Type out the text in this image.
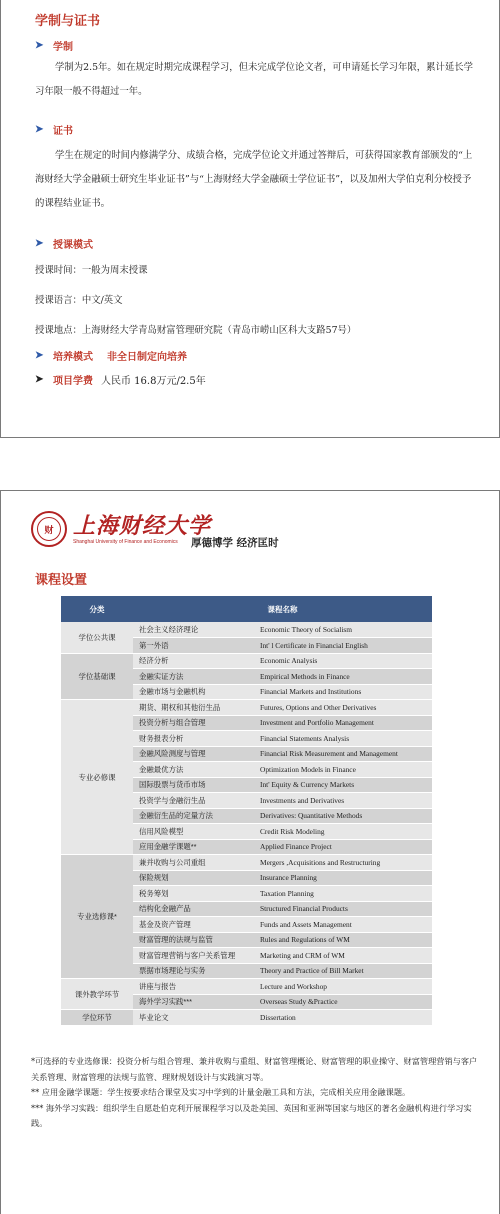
学制与证书
➤ 学制
学制为2.5年。如在规定时期完成课程学习，但未完成学位论文者，可申请延长学习年限，累计延长学习年限一般不得超过一年。
➤ 证书
学生在规定的时间内修满学分、成绩合格，完成学位论文并通过答辩后，可获得国家教育部颁发的“上海财经大学金融硕士研究生毕业证书”与“上海财经大学金融硕士学位证书”，以及加州大学伯克利分校授予的课程结业证书。
➤ 授课模式
授课时间：一般为周末授课
授课语言：中文/英文
授课地点：上海财经大学青岛财富管理研究院（青岛市崂山区科大支路57号）
➤ 培养模式 非全日制定向培养
➤ 项目学费 人民币 16.8万元/2.5年
财 上海财经大学
Shanghai University of Finance and Economics	厚德博学 经济匡时
课程设置
分类	课程名称	
学位公共课	社会主义经济理论	Economic Theory of Socialism
	第一外语	Int' l Certificate in Financial English
学位基础课	经济分析	Economic Analysis
	金融实证方法	Empirical Methods in Finance
	金融市场与金融机构	Financial Markets and Institutions
专业必修课	期货、期权和其他衍生品	Futures, Options and Other Derivatives
	投资分析与组合管理	Investment and Portfolio Management
	财务报表分析	Financial Statements Analysis
	金融风险测度与管理	Financial Risk Measurement and Management
	金融最优方法	Optimization Models in Finance
	国际股票与货币市场	Int' Equity & Currency Markets
	投资学与金融衍生品	Investments and Derivatives
	金融衍生品的定量方法	Derivatives: Quantitative Methods
	信用风险模型	Credit Risk Modeling
	应用金融学课题**	Applied Finance Project
专业选修课*	兼并收购与公司重组	Mergers ,Acquisitions and Restructuring
	保险规划	Insurance Planning
	税务筹划	Taxation Planning
	结构化金融产品	Structured Financial Products
	基金及资产管理	Funds and Assets Management
	财富管理的法规与监管	Rules and Regulations of WM
	财富管理营销与客户关系管理	Marketing and CRM of WM
	票据市场理论与实务	Theory and Practice of Bill Market
课外教学环节	讲座与报告	Lecture and Workshop
	海外学习实践***	Overseas Study &Practice
学位环节	毕业论文	Dissertation

*可选择的专业选修课：投资分析与组合管理、兼并收购与重组、财富管理概论、财富管理的职业操守、财富管理营销与客户关系管理、财富管理的法规与监管、理财规划设计与实践演习等。

** 应用金融学课题：学生按要求结合课堂及实习中学到的计量金融工具和方法，完成相关应用金融课题。

*** 海外学习实践：组织学生自愿赴伯克利开展课程学习以及赴美国、英国和亚洲等国家与地区的著名金融机构进行学习实践。
